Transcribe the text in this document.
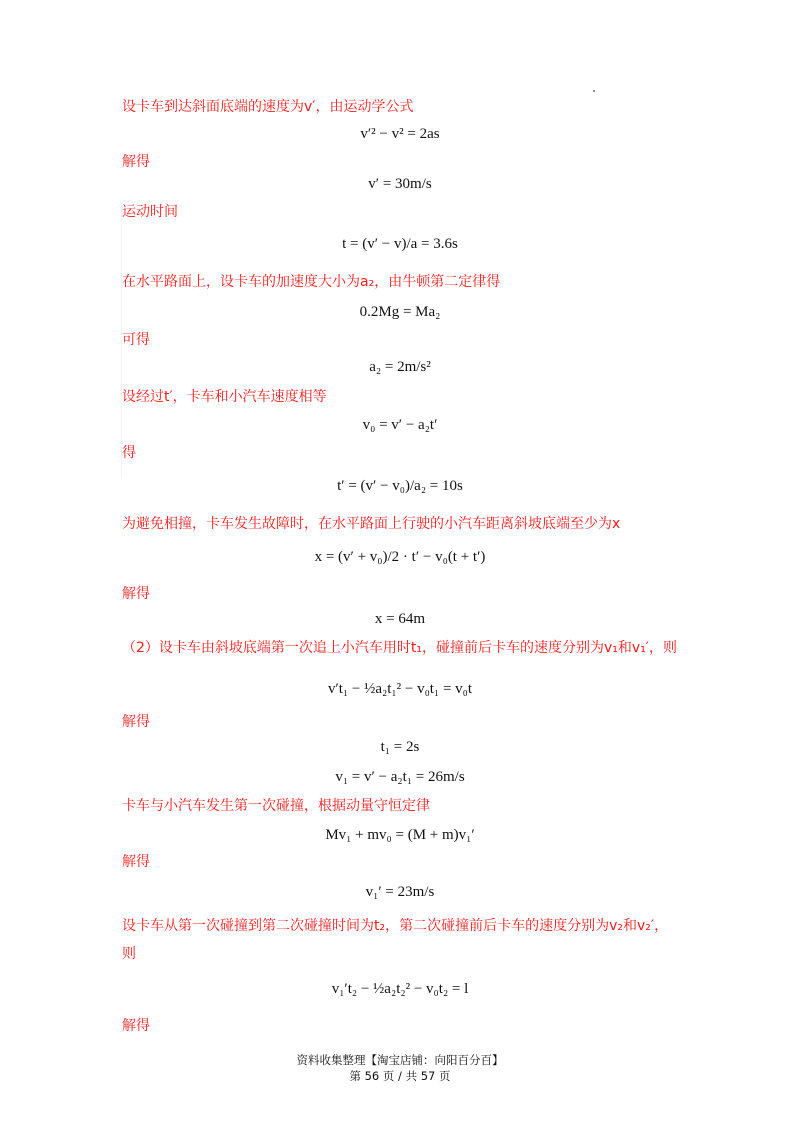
设卡车到达斜面底端的速度为v′，由运动学公式
解得
运动时间
在水平路面上，设卡车的加速度大小为a₂，由牛顿第二定律得
可得
设经过t′，卡车和小汽车速度相等
得
为避免相撞，卡车发生故障时，在水平路面上行驶的小汽车距离斜坡底端至少为x
解得
（2）设卡车由斜坡底端第一次追上小汽车用时t₁，碰撞前后卡车的速度分别为v₁和v₁′，则
解得
卡车与小汽车发生第一次碰撞，根据动量守恒定律
解得
设卡车从第一次碰撞到第二次碰撞时间为t₂，第二次碰撞前后卡车的速度分别为v₂和v₂′，
则
解得
v′² − v² = 2as
v′ = 30m/s
t = (v′ − v)/a = 3.6s
0.2Mg = Ma₂
a₂ = 2m/s²
v₀ = v′ − a₂t′
t′ = (v′ − v₀)/a₂ = 10s
x = (v′ + v₀)/2 · t′ − v₀(t + t′)
x = 64m
v′t₁ − ½a₂t₁² − v₀t₁ = v₀t
t₁ = 2s
v₁ = v′ − a₂t₁ = 26m/s
Mv₁ + mv₀ = (M + m)v₁′
v₁′ = 23m/s
v₁′t₂ − ½a₂t₂² − v₀t₂ = l
资料收集整理【淘宝店铺：向阳百分百】
第 56 页 / 共 57 页
